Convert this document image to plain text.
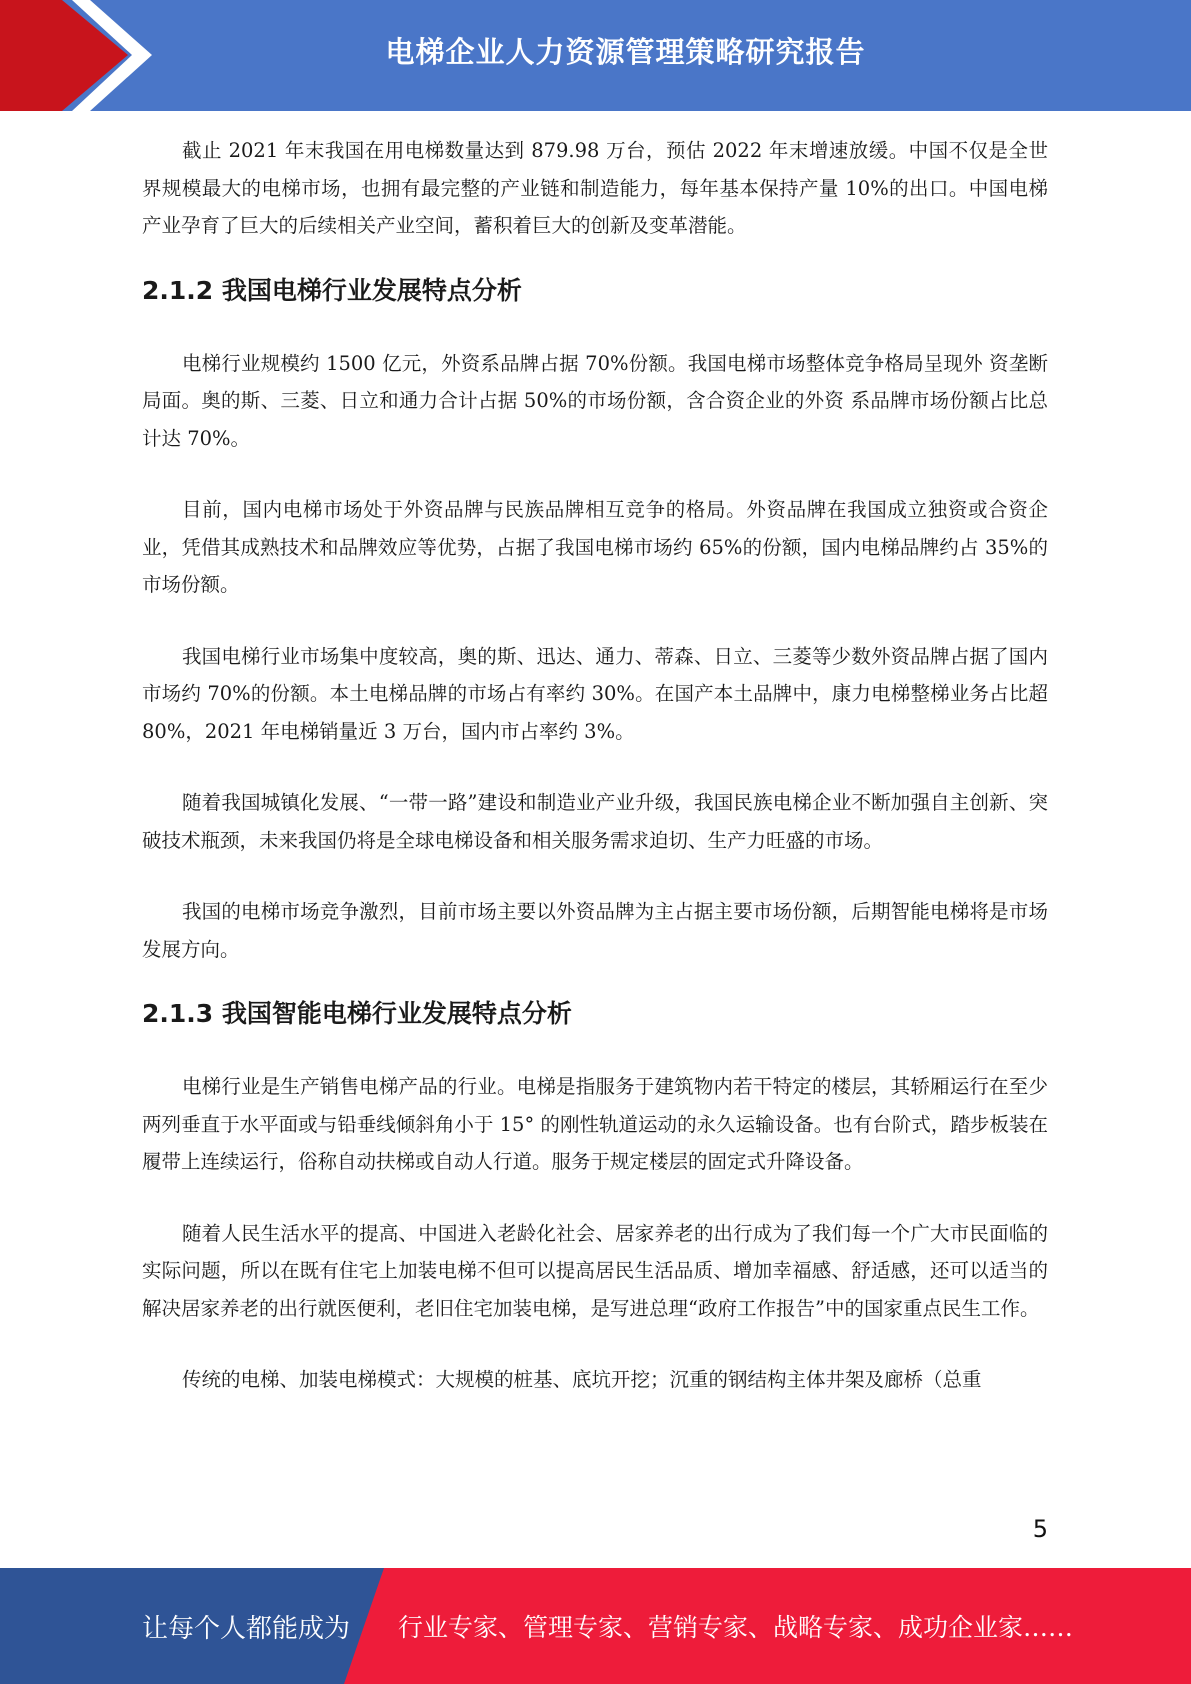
电梯企业人力资源管理策略研究报告

截止 2021 年末我国在用电梯数量达到 879.98 万台，预估 2022 年末增速放缓。中国不仅是全世界规模最大的电梯市场，也拥有最完整的产业链和制造能力，每年基本保持产量 10%的出口。中国电梯产业孕育了巨大的后续相关产业空间，蓄积着巨大的创新及变革潜能。

2.1.2 我国电梯行业发展特点分析

电梯行业规模约 1500 亿元，外资系品牌占据 70%份额。我国电梯市场整体竞争格局呈现外 资垄断局面。奥的斯、三菱、日立和通力合计占据 50%的市场份额，含合资企业的外资 系品牌市场份额占比总计达 70%。

目前，国内电梯市场处于外资品牌与民族品牌相互竞争的格局。外资品牌在我国成立独资或合资企业，凭借其成熟技术和品牌效应等优势，占据了我国电梯市场约 65%的份额，国内电梯品牌约占 35%的市场份额。

我国电梯行业市场集中度较高，奥的斯、迅达、通力、蒂森、日立、三菱等少数外资品牌占据了国内市场约 70%的份额。本土电梯品牌的市场占有率约 30%。在国产本土品牌中，康力电梯整梯业务占比超 80%，2021 年电梯销量近 3 万台，国内市占率约 3%。

随着我国城镇化发展、“一带一路”建设和制造业产业升级，我国民族电梯企业不断加强自主创新、突破技术瓶颈，未来我国仍将是全球电梯设备和相关服务需求迫切、生产力旺盛的市场。

我国的电梯市场竞争激烈，目前市场主要以外资品牌为主占据主要市场份额，后期智能电梯将是市场发展方向。

2.1.3 我国智能电梯行业发展特点分析

电梯行业是生产销售电梯产品的行业。电梯是指服务于建筑物内若干特定的楼层，其轿厢运行在至少两列垂直于水平面或与铅垂线倾斜角小于 15° 的刚性轨道运动的永久运输设备。也有台阶式，踏步板装在履带上连续运行，俗称自动扶梯或自动人行道。服务于规定楼层的固定式升降设备。

随着人民生活水平的提高、中国进入老龄化社会、居家养老的出行成为了我们每一个广大市民面临的实际问题，所以在既有住宅上加装电梯不但可以提高居民生活品质、增加幸福感、舒适感，还可以适当的解决居家养老的出行就医便利，老旧住宅加装电梯，是写进总理“政府工作报告”中的国家重点民生工作。

传统的电梯、加装电梯模式：大规模的桩基、底坑开挖；沉重的钢结构主体井架及廊桥（总重

5
让每个人都能成为 行业专家、管理专家、营销专家、战略专家、成功企业家……
